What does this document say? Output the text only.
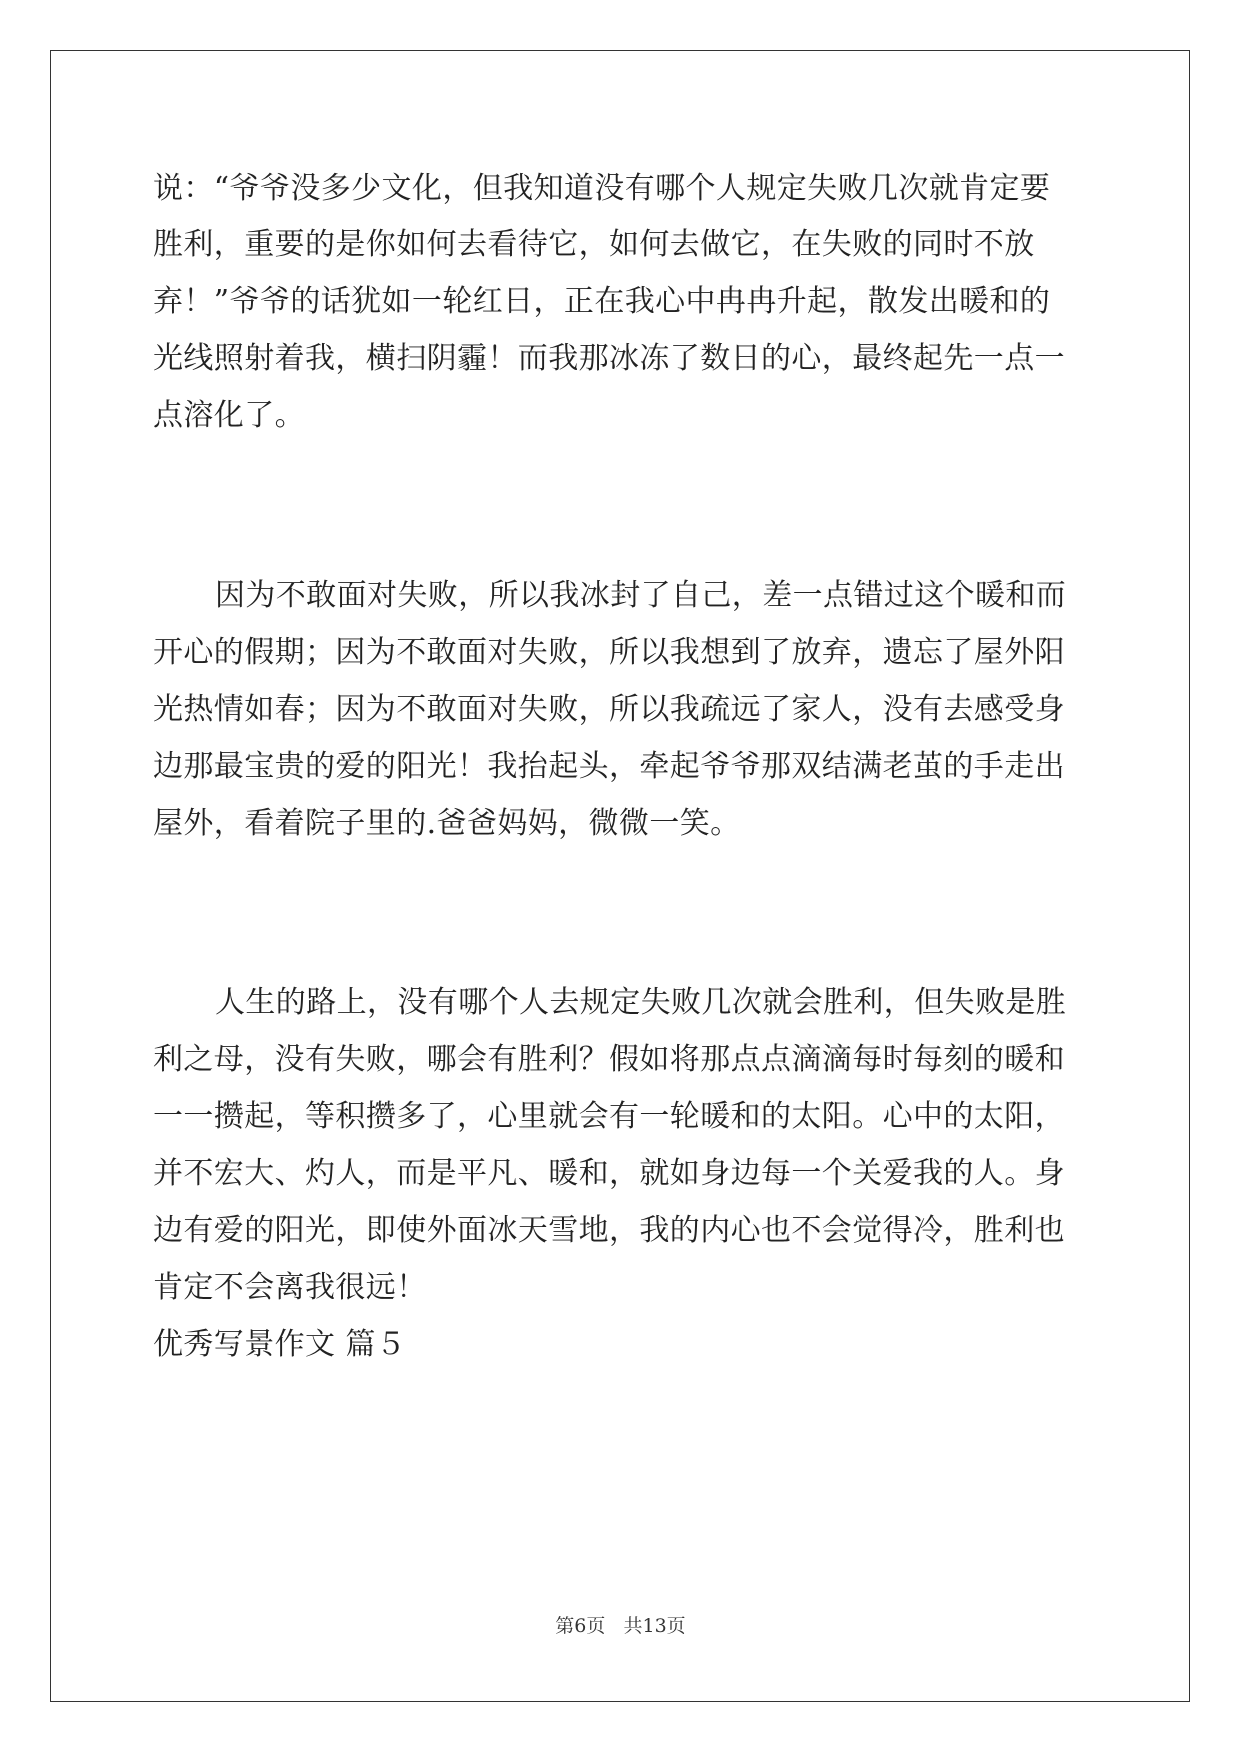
说：“爷爷没多少文化，但我知道没有哪个人规定失败几次就肯定要
胜利，重要的是你如何去看待它，如何去做它，在失败的同时不放
弃！”爷爷的话犹如一轮红日，正在我心中冉冉升起，散发出暖和的
光线照射着我，横扫阴霾！而我那冰冻了数日的心，最终起先一点一
点溶化了。
因为不敢面对失败，所以我冰封了自己，差一点错过这个暖和而
开心的假期；因为不敢面对失败，所以我想到了放弃，遗忘了屋外阳
光热情如春；因为不敢面对失败，所以我疏远了家人，没有去感受身
边那最宝贵的爱的阳光！我抬起头，牵起爷爷那双结满老茧的手走出
屋外，看着院子里的.爸爸妈妈，微微一笑。
人生的路上，没有哪个人去规定失败几次就会胜利，但失败是胜
利之母，没有失败，哪会有胜利？假如将那点点滴滴每时每刻的暖和
一一攒起，等积攒多了，心里就会有一轮暖和的太阳。心中的太阳，
并不宏大、灼人，而是平凡、暖和，就如身边每一个关爱我的人。身
边有爱的阳光，即使外面冰天雪地，我的内心也不会觉得冷，胜利也
肯定不会离我很远！
优秀写景作文 篇５
第6页   共13页
